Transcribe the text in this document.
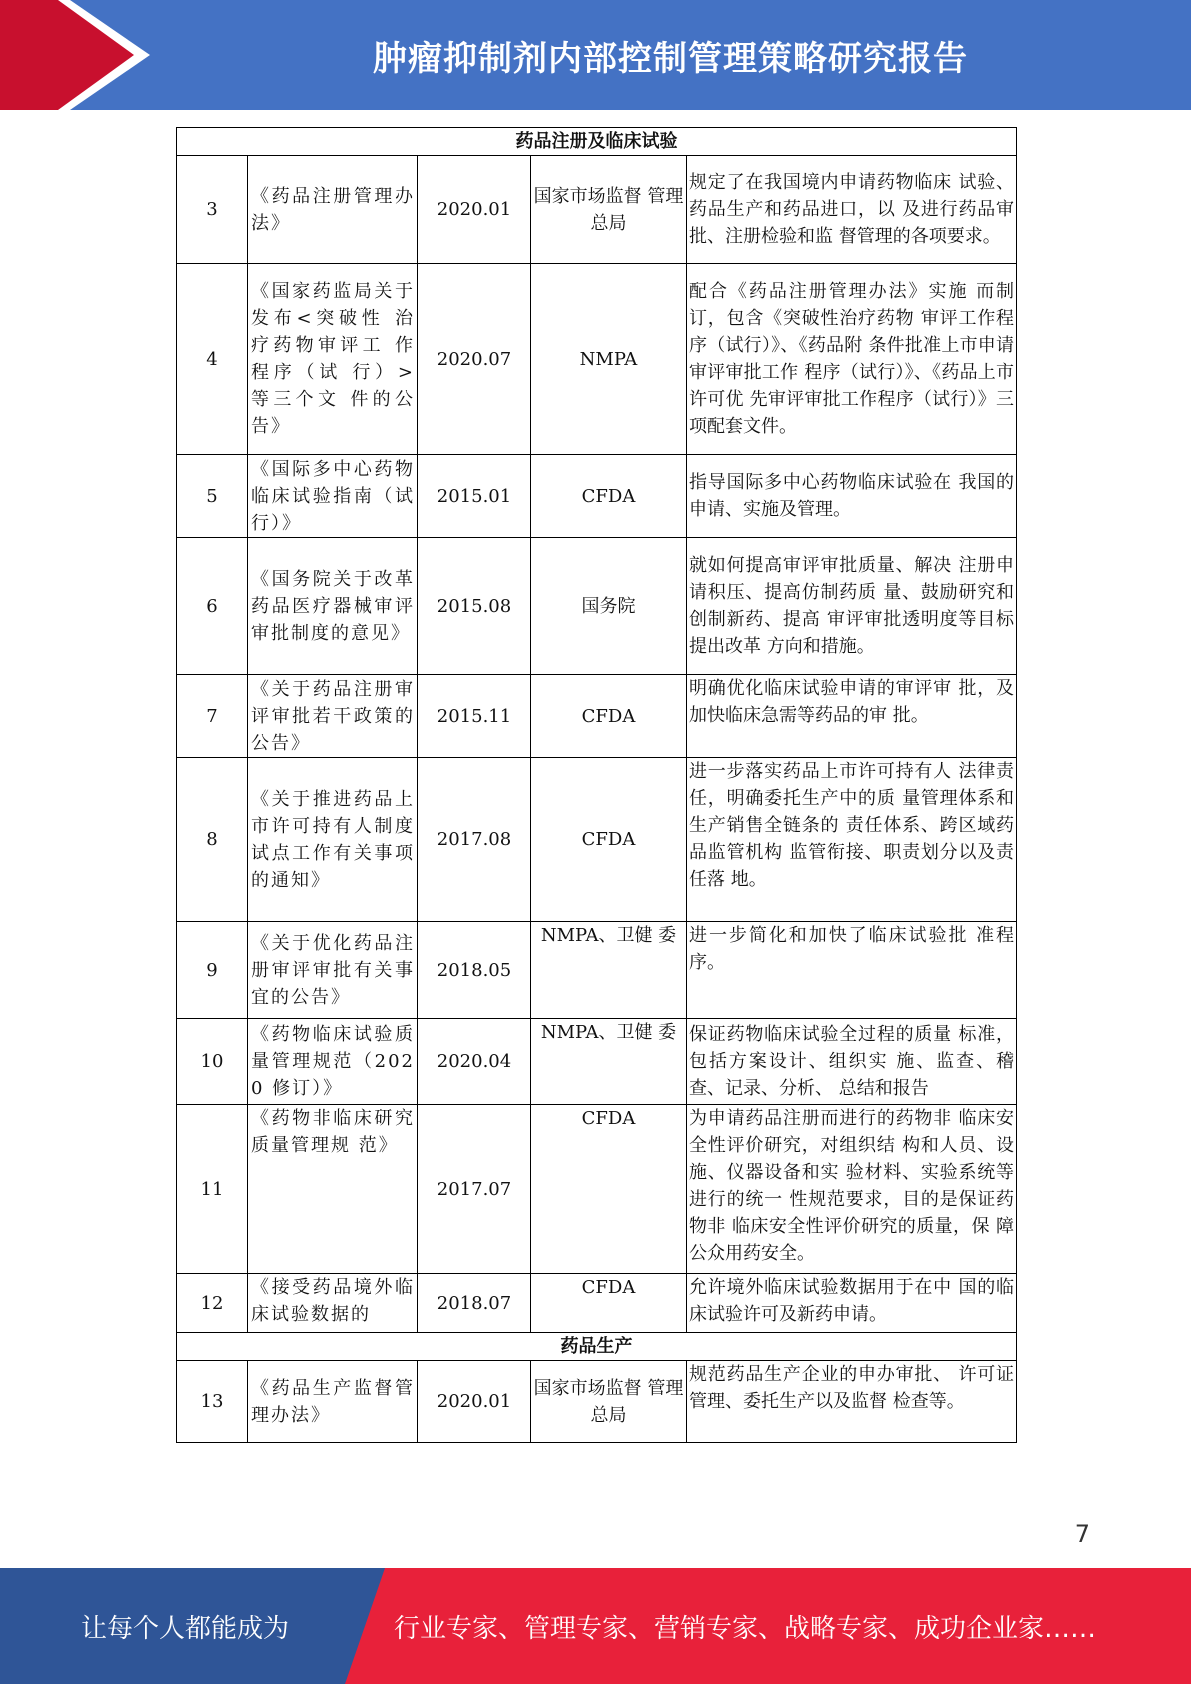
肿瘤抑制剂内部控制管理策略研究报告
药品注册及临床试验				
3	《药品注册管理办法》	2020.01	国家市场监督 管理总局	规定了在我国境内申请药物临床 试验、药品生产和药品进口，以 及进行药品审批、注册检验和监 督管理的各项要求。
4	《国家药监局关于发布<突破性 治疗药物审评工 作程序（试 行）>等三个文 件的公告》	2020.07	NMPA	配合《药品注册管理办法》实施 而制订，包含《突破性治疗药物 审评工作程序（试行）》、《药品附 条件批准上市申请审评审批工作 程序（试行）》、《药品上市许可优 先审评审批工作程序（试行）》三 项配套文件。
5	《国际多中心药物临床试验指南（试行）》	2015.01	CFDA	指导国际多中心药物临床试验在 我国的申请、实施及管理。
6	《国务院关于改革药品医疗器械审评审批制度的意见》	2015.08	国务院	就如何提高审评审批质量、解决 注册申请积压、提高仿制药质 量、鼓励研究和创制新药、提高 审评审批透明度等目标提出改革 方向和措施。
7	《关于药品注册审评审批若干政策的公告》	2015.11	CFDA	明确优化临床试验申请的审评审 批，及加快临床急需等药品的审 批。
8	《关于推进药品上市许可持有人制度试点工作有关事项的通知》	2017.08	CFDA	进一步落实药品上市许可持有人 法律责任，明确委托生产中的质 量管理体系和生产销售全链条的 责任体系、跨区域药品监管机构 监管衔接、职责划分以及责任落 地。
9	《关于优化药品注册审评审批有关事宜的公告》	2018.05	NMPA、卫健 委	进一步简化和加快了临床试验批 准程序。
10	《药物临床试验质量管理规范（2020 修订）》	2020.04	NMPA、卫健 委	保证药物临床试验全过程的质量 标准，包括方案设计、组织实 施、监查、稽查、记录、分析、 总结和报告
11	《药物非临床研究质量管理规 范》	2017.07	CFDA	为申请药品注册而进行的药物非 临床安全性评价研究，对组织结 构和人员、设施、仪器设备和实 验材料、实验系统等进行的统一 性规范要求，目的是保证药物非 临床安全性评价研究的质量，保 障公众用药安全。
12	《接受药品境外临床试验数据的	2018.07	CFDA	允许境外临床试验数据用于在中 国的临床试验许可及新药申请。
药品生产				
13	《药品生产监督管理办法》	2020.01	国家市场监督 管理总局	规范药品生产企业的申办审批、 许可证管理、委托生产以及监督 检查等。
7
让每个人都能成为	行业专家、管理专家、营销专家、战略专家、成功企业家……
